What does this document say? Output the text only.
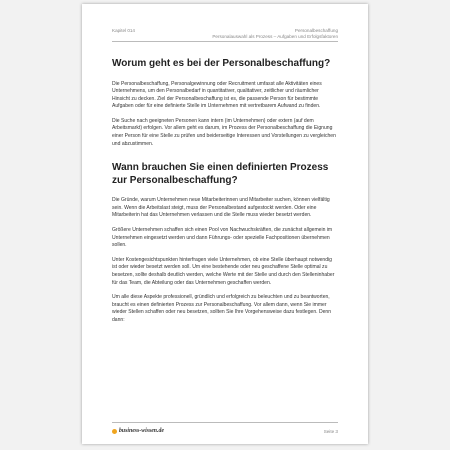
Kapitel 014	Personalbeschaffung
Personalauswahl als Prozess – Aufgaben und Erfolgsfaktoren
Worum geht es bei der Personalbeschaffung?

Die Personalbeschaffung, Personalgewinnung oder Recruitment umfasst alle Aktivitäten eines Unternehmens, um den Personalbedarf in quantitativer, qualitativer, zeitlicher und räumlicher Hinsicht zu decken. Ziel der Personalbeschaffung ist es, die passende Person für bestimmte Aufgaben oder für eine definierte Stelle im Unternehmen mit vertretbarem Aufwand zu finden.

Die Suche nach geeigneten Personen kann intern (im Unternehmen) oder extern (auf dem Arbeitsmarkt) erfolgen. Vor allem geht es darum, im Prozess der Personalbeschaffung die Eignung einer Person für eine Stelle zu prüfen und beiderseitige Interessen und Vorstellungen zu vergleichen und abzustimmen.

Wann brauchen Sie einen definierten Prozess zur Personalbeschaffung?

Die Gründe, warum Unternehmen neue Mitarbeiterinnen und Mitarbeiter suchen, können vielfältig sein. Wenn die Arbeitslast steigt, muss der Personalbestand aufgestockt werden. Oder eine Mitarbeiterin hat das Unternehmen verlassen und die Stelle muss wieder besetzt werden.

Größere Unternehmen schaffen sich einen Pool von Nachwuchskräften, die zunächst allgemein im Unternehmen eingesetzt werden und dann Führungs- oder spezielle Fachpositionen übernehmen sollen.

Unter Kostengesichtspunkten hinterfragen viele Unternehmen, ob eine Stelle überhaupt notwendig ist oder wieder besetzt werden soll. Um eine bestehende oder neu geschaffene Stelle optimal zu besetzen, sollte deshalb deutlich werden, welche Werte mit der Stelle und durch den Stelleninhaber für das Team, die Abteilung oder das Unternehmen geschaffen werden.

Um alle diese Aspekte professionell, gründlich und erfolgreich zu beleuchten und zu beantworten, braucht es einen definierten Prozess zur Personalbeschaffung. Vor allem dann, wenn Sie immer wieder Stellen schaffen oder neu besetzen, sollten Sie Ihre Vorgehensweise dazu festlegen. Denn dann:

business-wissen.de	Seite 3
